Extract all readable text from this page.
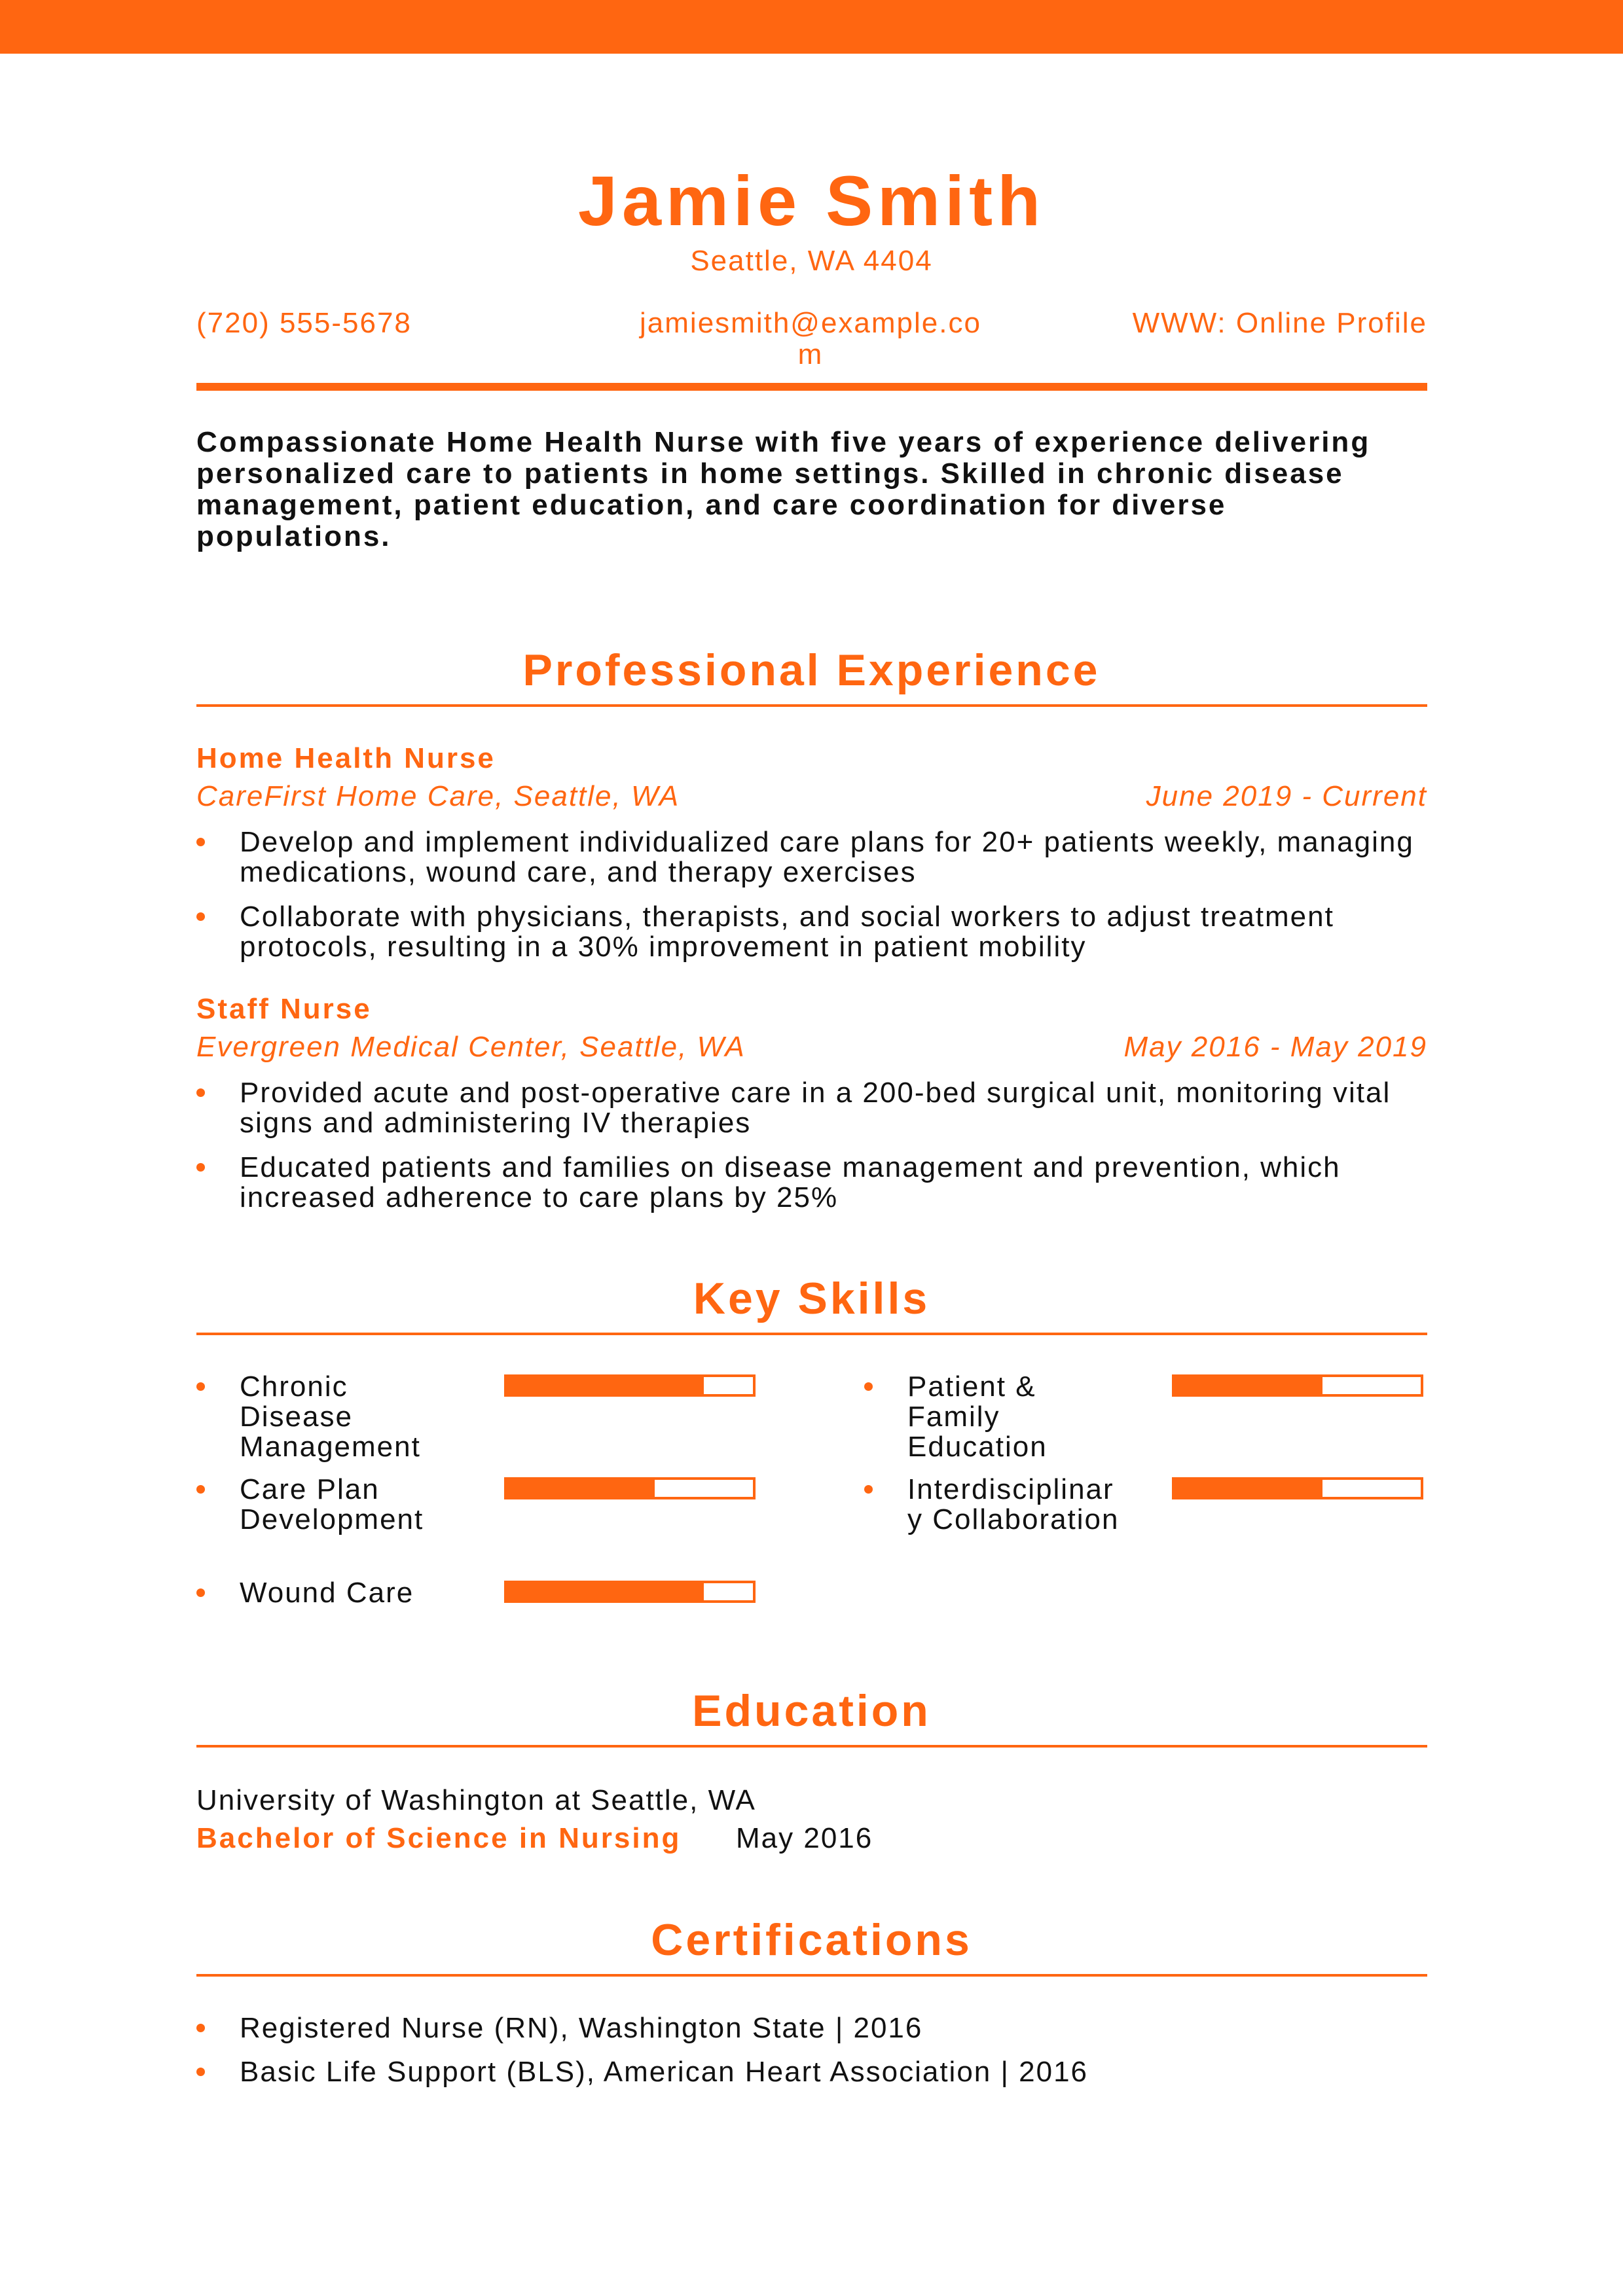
Jamie Smith
Seattle, WA 4404
(720) 555-5678	jamiesmith@example.com
WWW: Online Profile
Compassionate Home Health Nurse with five years of experience delivering personalized care to patients in home settings. Skilled in chronic disease management, patient education, and care coordination for diverse populations.
Professional Experience
Home Health Nurse
CareFirst Home Care, Seattle, WA	June 2019 - Current
Develop and implement individualized care plans for 20+ patients weekly, managing medications, wound care, and therapy exercises
Collaborate with physicians, therapists, and social workers to adjust treatment protocols, resulting in a 30% improvement in patient mobility
Staff Nurse
Evergreen Medical Center, Seattle, WA	May 2016 - May 2019
Provided acute and post-operative care in a 200-bed surgical unit, monitoring vital signs and administering IV therapies
Educated patients and families on disease management and prevention, which increased adherence to care plans by 25%
Key Skills
Chronic Disease Management
Patient & Family Education
Care Plan Development
Interdisciplinary Collaboration
Wound Care
Education
University of Washington at Seattle, WA
Bachelor of Science in Nursing May 2016
Certifications
Registered Nurse (RN), Washington State | 2016
Basic Life Support (BLS), American Heart Association | 2016
